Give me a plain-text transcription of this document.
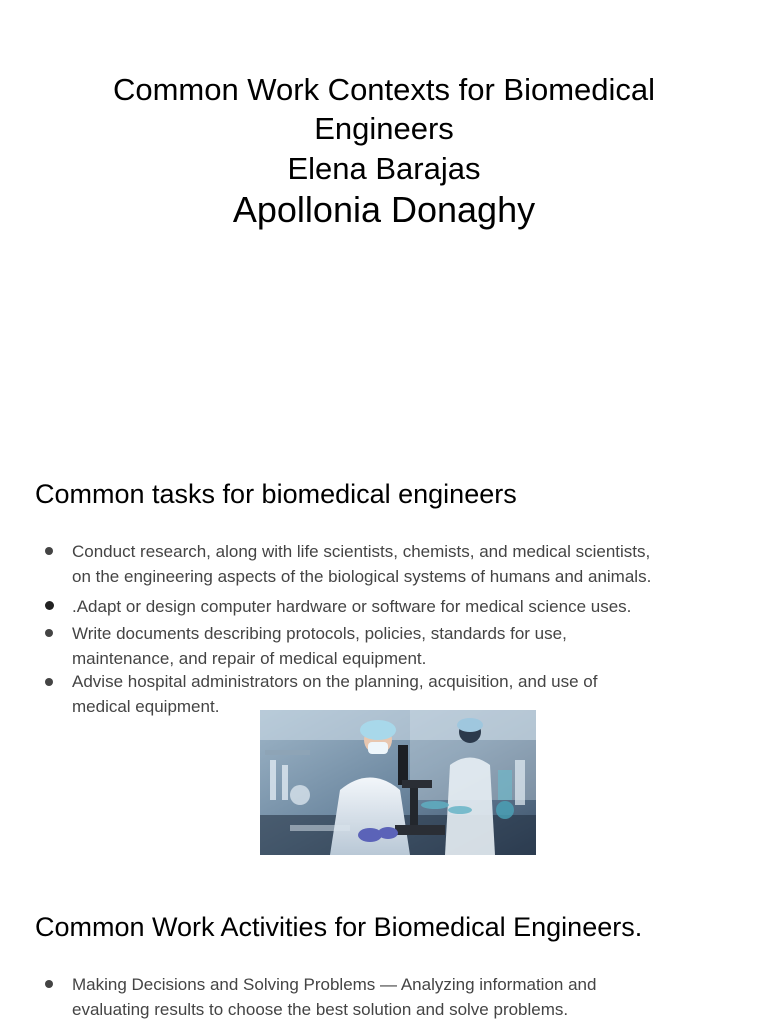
Common Work Contexts for Biomedical
Engineers
Elena Barajas
Apollonia Donaghy
Common tasks for biomedical engineers
Conduct research, along with life scientists, chemists, and medical scientists,
on the engineering aspects of the biological systems of humans and animals.
.Adapt or design computer hardware or software for medical science uses.
Write documents describing protocols, policies, standards for use,
maintenance, and repair of medical equipment.
Advise hospital administrators on the planning, acquisition, and use of
medical equipment.
Common Work Activities for Biomedical Engineers.
Making Decisions and Solving Problems — Analyzing information and
evaluating results to choose the best solution and solve problems.
